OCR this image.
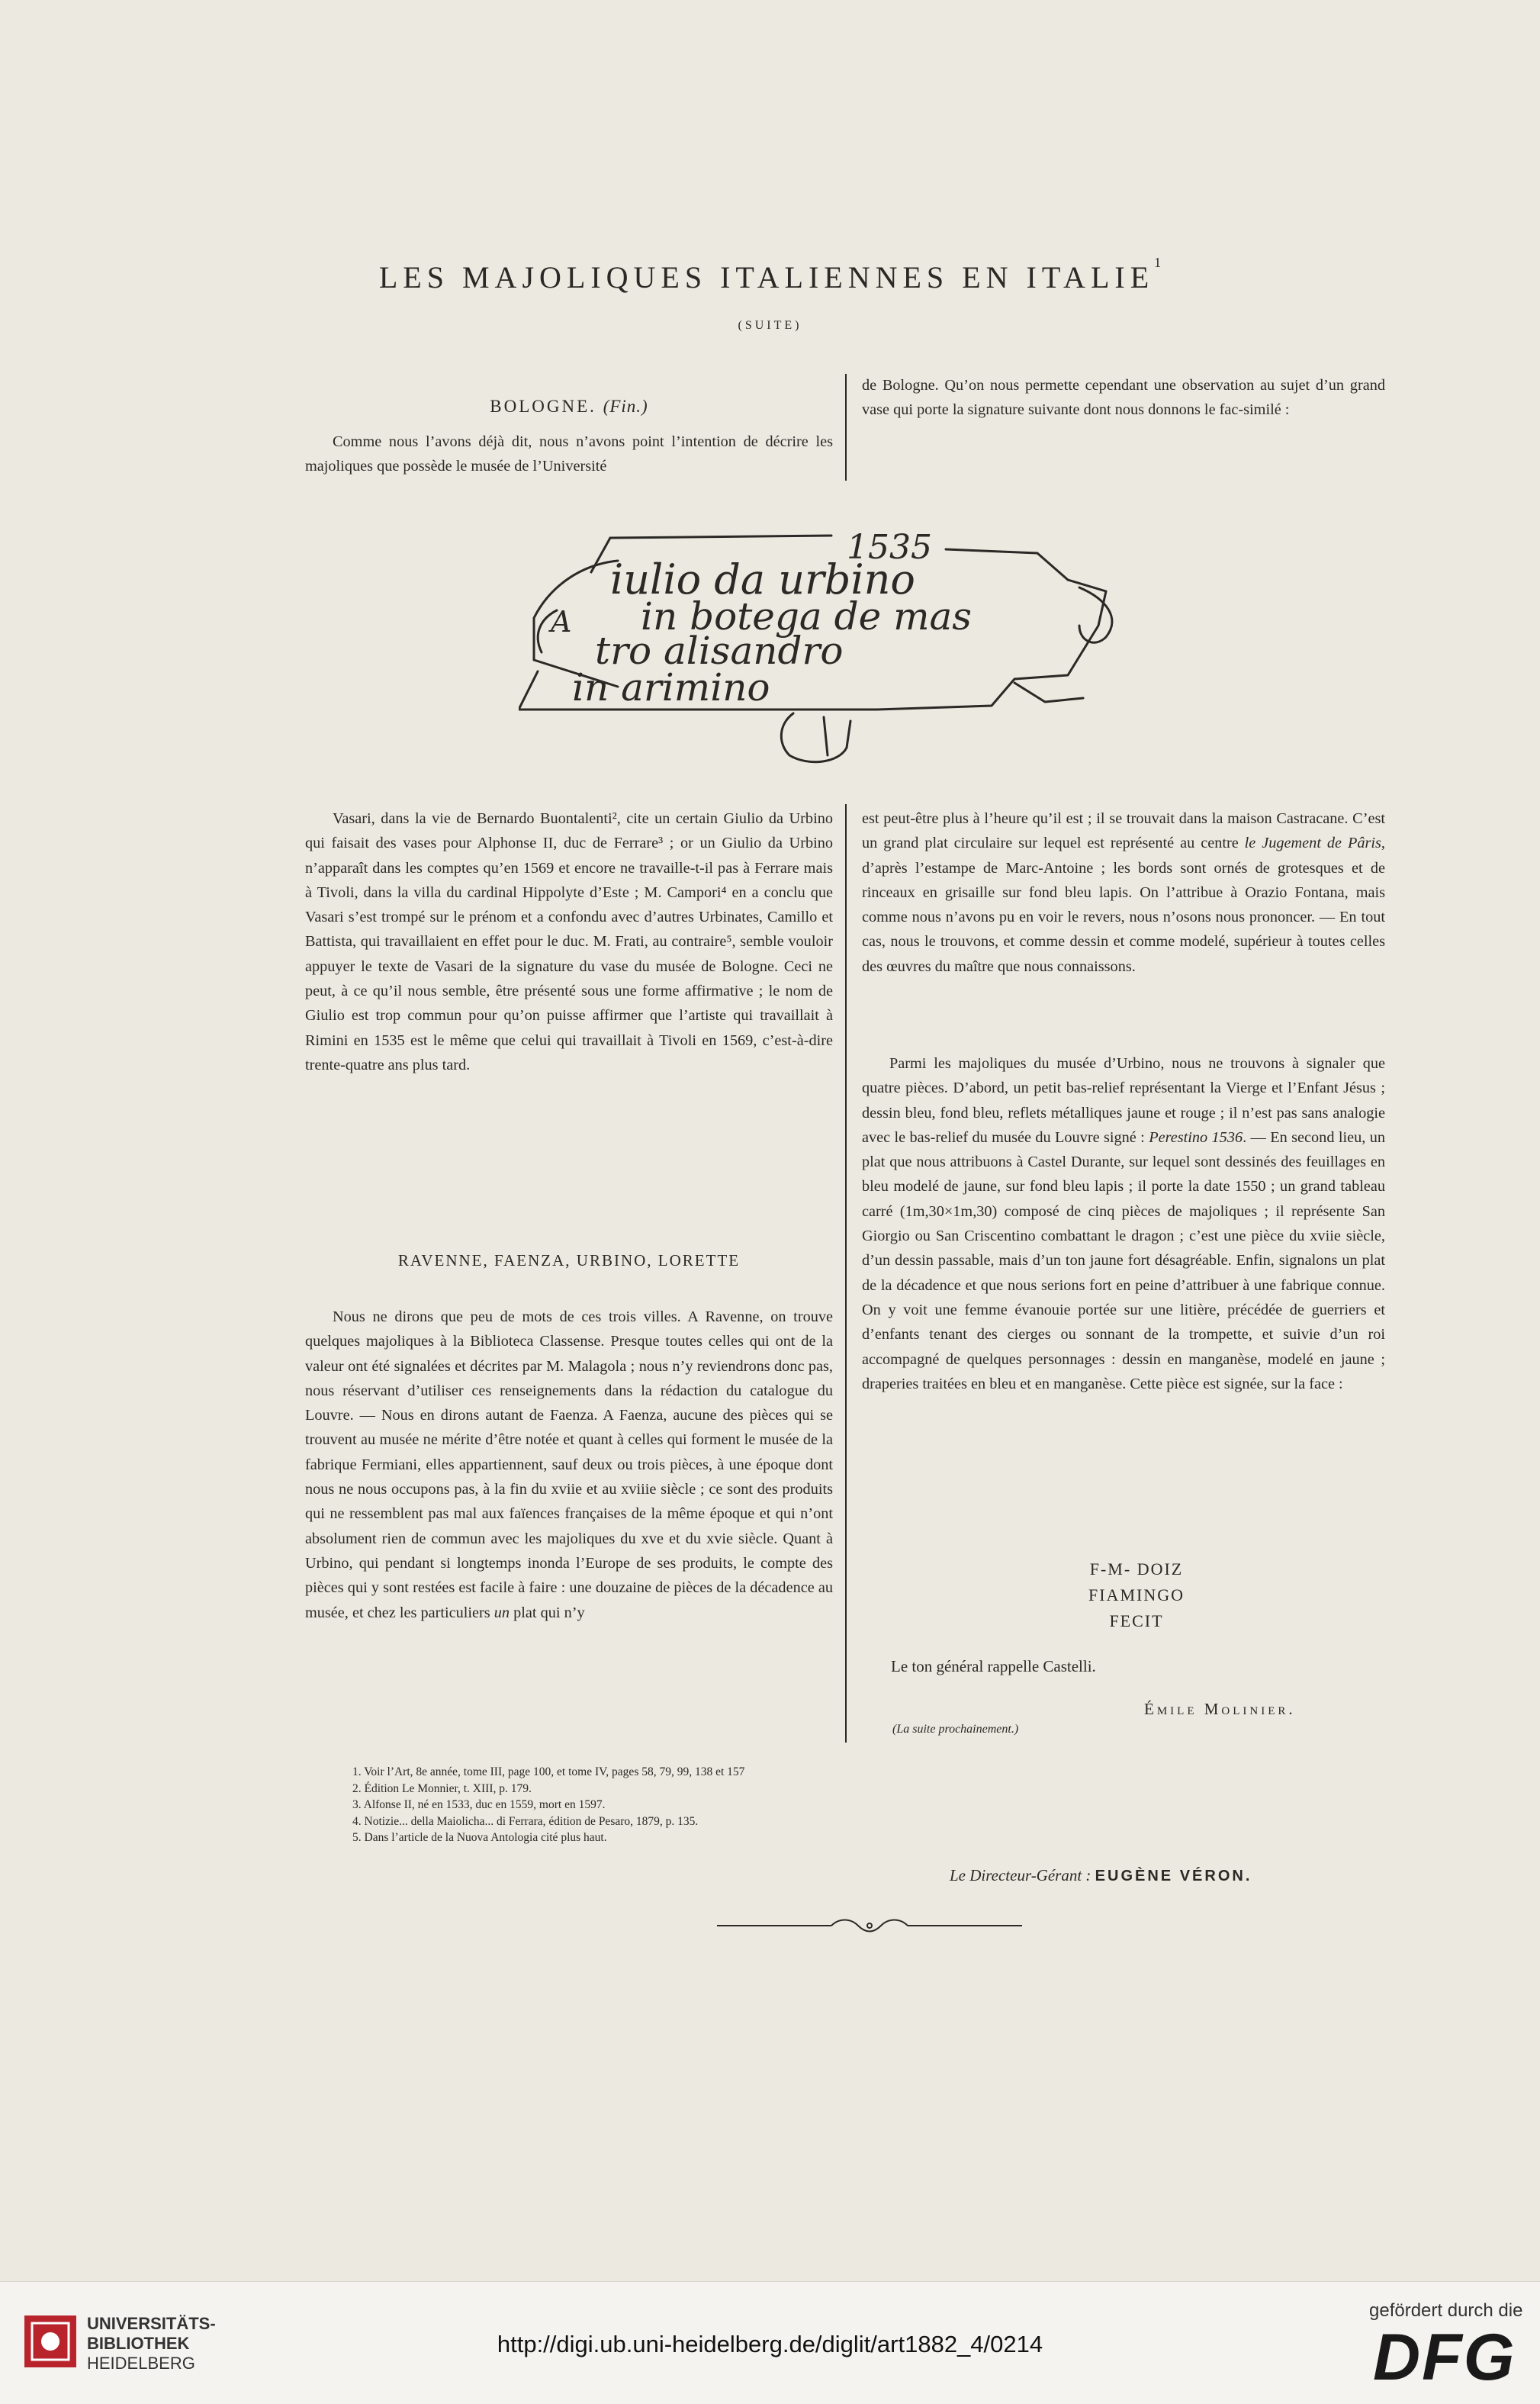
LES MAJOLIQUES ITALIENNES EN ITALIE$^1$
(SUITE)
BOLOGNE. (Fin.)

Comme nous l’avons déjà dit, nous n’avons point l’intention de décrire les majoliques que possède le musée de l’Université

de Bologne. Qu’on nous permette cependant une observation au sujet d’un grand vase qui porte la signature suivante dont nous donnons le fac-similé :

1535
iulio da urbino
in botega de mas
tro alisandro
in arimino
A

Vasari, dans la vie de Bernardo Buontalenti², cite un certain Giulio da Urbino qui faisait des vases pour Alphonse II, duc de Ferrare³ ; or un Giulio da Urbino n’apparaît dans les comptes qu’en 1569 et encore ne travaille-t-il pas à Ferrare mais à Tivoli, dans la villa du cardinal Hippolyte d’Este ; M. Campori⁴ en a conclu que Vasari s’est trompé sur le prénom et a confondu avec d’autres Urbinates, Camillo et Battista, qui travaillaient en effet pour le duc. M. Frati, au contraire⁵, semble vouloir appuyer le texte de Vasari de la signature du vase du musée de Bologne. Ceci ne peut, à ce qu’il nous semble, être présenté sous une forme affirmative ; le nom de Giulio est trop commun pour qu’on puisse affirmer que l’artiste qui travaillait à Rimini en 1535 est le même que celui qui travaillait à Tivoli en 1569, c’est-à-dire trente-quatre ans plus tard.

RAVENNE, FAENZA, URBINO, LORETTE

Nous ne dirons que peu de mots de ces trois villes. A Ravenne, on trouve quelques majoliques à la Biblioteca Classense. Presque toutes celles qui ont de la valeur ont été signalées et décrites par M. Malagola ; nous n’y reviendrons donc pas, nous réservant d’utiliser ces renseignements dans la rédaction du catalogue du Louvre. — Nous en dirons autant de Faenza. A Faenza, aucune des pièces qui se trouvent au musée ne mérite d’être notée et quant à celles qui forment le musée de la fabrique Fermiani, elles appartiennent, sauf deux ou trois pièces, à une époque dont nous ne nous occupons pas, à la fin du xviie et au xviiie siècle ; ce sont des produits qui ne ressemblent pas mal aux faïences françaises de la même époque et qui n’ont absolument rien de commun avec les majoliques du xve et du xvie siècle. Quant à Urbino, qui pendant si longtemps inonda l’Europe de ses produits, le compte des pièces qui y sont restées est facile à faire : une douzaine de pièces de la décadence au musée, et chez les particuliers un plat qui n’y

est peut-être plus à l’heure qu’il est ; il se trouvait dans la maison Castracane. C’est un grand plat circulaire sur lequel est représenté au centre le Jugement de Pâris, d’après l’estampe de Marc-Antoine ; les bords sont ornés de grotesques et de rinceaux en grisaille sur fond bleu lapis. On l’attribue à Orazio Fontana, mais comme nous n’avons pu en voir le revers, nous n’osons nous prononcer. — En tout cas, nous le trouvons, et comme dessin et comme modelé, supérieur à toutes celles des œuvres du maître que nous connaissons.

Parmi les majoliques du musée d’Urbino, nous ne trouvons à signaler que quatre pièces. D’abord, un petit bas-relief représentant la Vierge et l’Enfant Jésus ; dessin bleu, fond bleu, reflets métalliques jaune et rouge ; il n’est pas sans analogie avec le bas-relief du musée du Louvre signé : Perestino 1536. — En second lieu, un plat que nous attribuons à Castel Durante, sur lequel sont dessinés des feuillages en bleu modelé de jaune, sur fond bleu lapis ; il porte la date 1550 ; un grand tableau carré (1m,30×1m,30) composé de cinq pièces de majoliques ; il représente San Giorgio ou San Criscentino combattant le dragon ; c’est une pièce du xviie siècle, d’un dessin passable, mais d’un ton jaune fort désagréable. Enfin, signalons un plat de la décadence et que nous serions fort en peine d’attribuer à une fabrique connue. On y voit une femme évanouie portée sur une litière, précédée de guerriers et d’enfants tenant des cierges ou sonnant de la trompette, et suivie d’un roi accompagné de quelques personnages : dessin en manganèse, modelé en jaune ; draperies traitées en bleu et en manganèse. Cette pièce est signée, sur la face :

F-M- DOIZ
FIAMINGO
FECIT
Le ton général rappelle Castelli.
Émile Molinier.
(La suite prochainement.)
1. Voir l’Art, 8e année, tome III, page 100, et tome IV, pages 58, 79, 99, 138 et 157
2. Édition Le Monnier, t. XIII, p. 179.
3. Alfonse II, né en 1533, duc en 1559, mort en 1597.
4. Notizie... della Maiolicha... di Ferrara, édition de Pesaro, 1879, p. 135.
5. Dans l’article de la Nuova Antologia cité plus haut.
Le Directeur-Gérant : EUGÈNE VÉRON.
UNIVERSITÄTS-
BIBLIOTHEK
HEIDELBERG
http://digi.ub.uni-heidelberg.de/diglit/art1882_4/0214
gefördert durch die
DFG
